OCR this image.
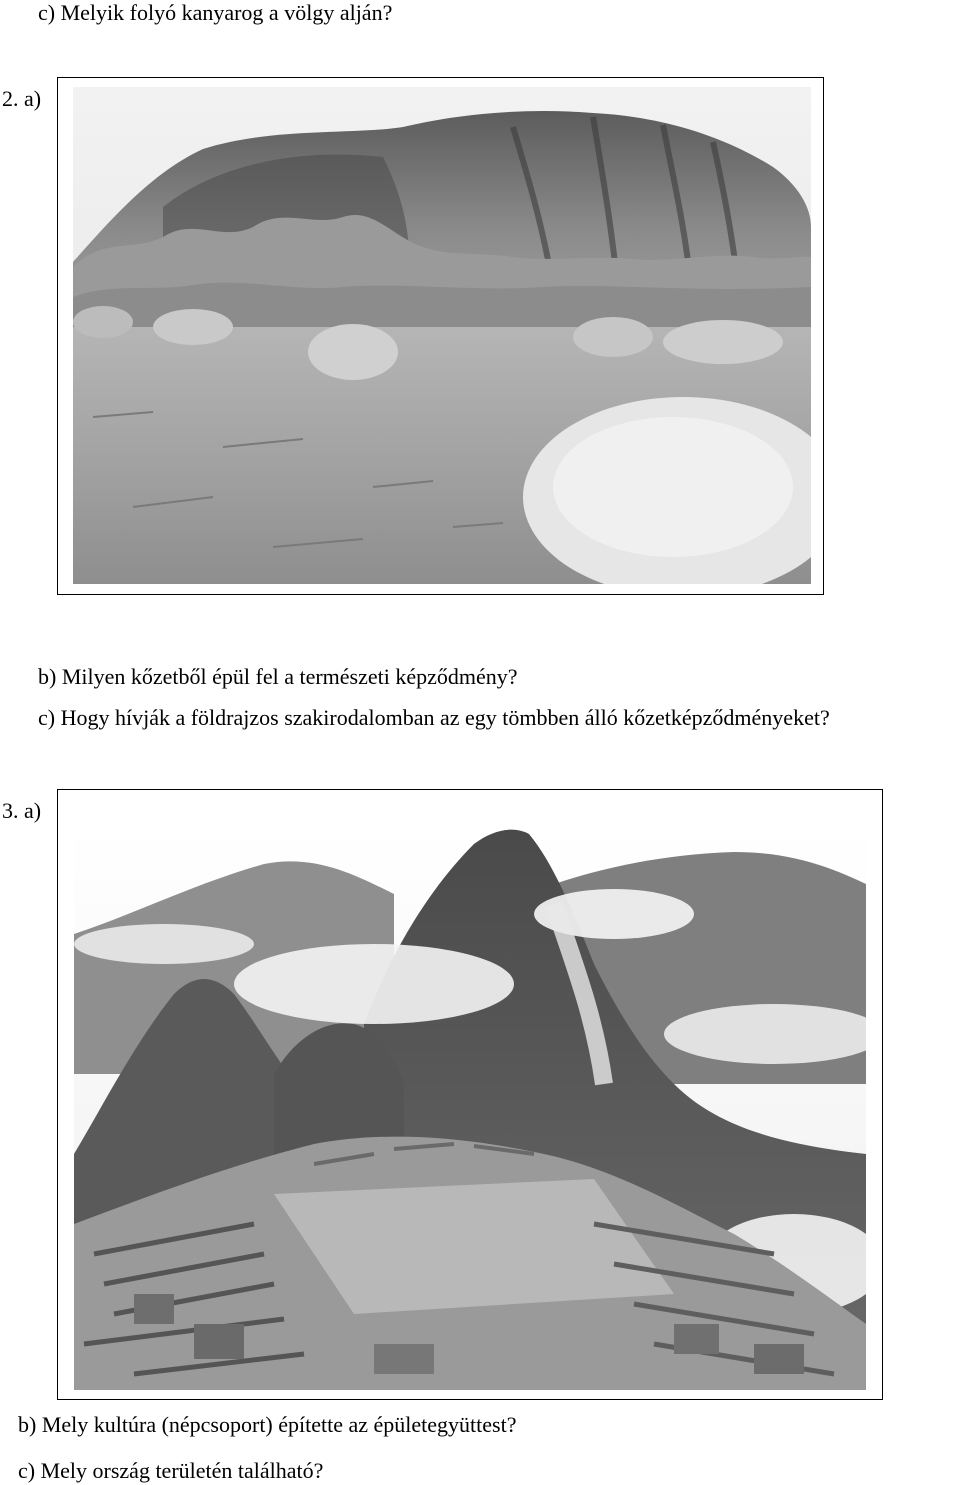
c) Melyik folyó kanyarog a völgy alján?
2. a)
b) Milyen kőzetből épül fel a természeti képződmény?
c) Hogy hívják a földrajzos szakirodalomban az egy tömbben álló kőzetképződményeket?
3. a)
b) Mely kultúra (népcsoport) építette az épületegyüttest?
c) Mely ország területén található?
